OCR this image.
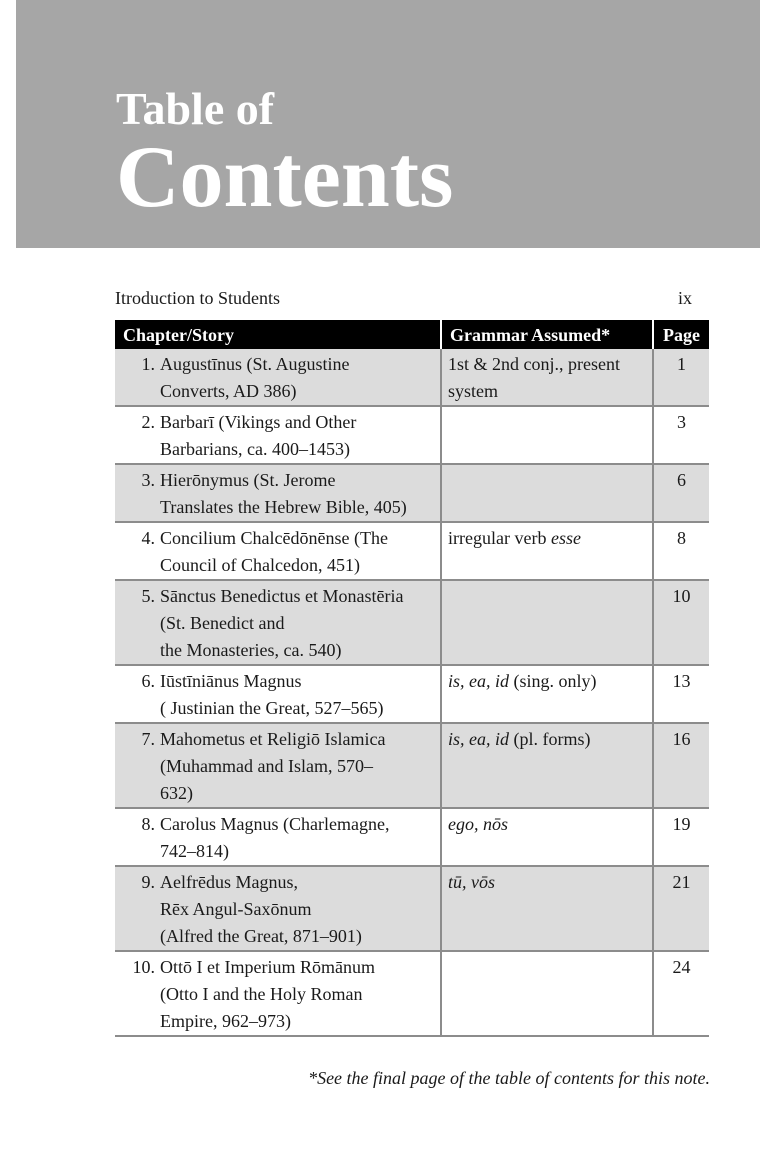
Table of
Contents
Itroduction to Students	ix
Chapter/Story	Grammar Assumed*	Page

1. Augustīnus (St. Augustine
Converts, AD 386)	1st & 2nd conj., present system	1

2. Barbarī (Vikings and Other
Barbarians, ca. 400–1453)		3

3. Hierōnymus (St. Jerome
Translates the Hebrew Bible, 405)		6

4. Concilium Chalcēdōnēnse (The
Council of Chalcedon, 451)	irregular verb esse	8

5. Sānctus Benedictus et Monastēria
(St. Benedict and
the Monasteries, ca. 540)		10

6. Iūstīniānus Magnus
( Justinian the Great, 527–565)	is, ea, id (sing. only)	13

7. Mahometus et Religiō Islamica
(Muhammad and Islam, 570–
632)	is, ea, id (pl. forms)	16

8. Carolus Magnus (Charlemagne,
742–814)	ego, nōs	19

9. Aelfrēdus Magnus,
Rēx Angul-Saxōnum
(Alfred the Great, 871–901)	tū, vōs	21

10. Ottō I et Imperium Rōmānum
(Otto I and the Holy Roman
Empire, 962–973)		24
*See the final page of the table of contents for this note.
